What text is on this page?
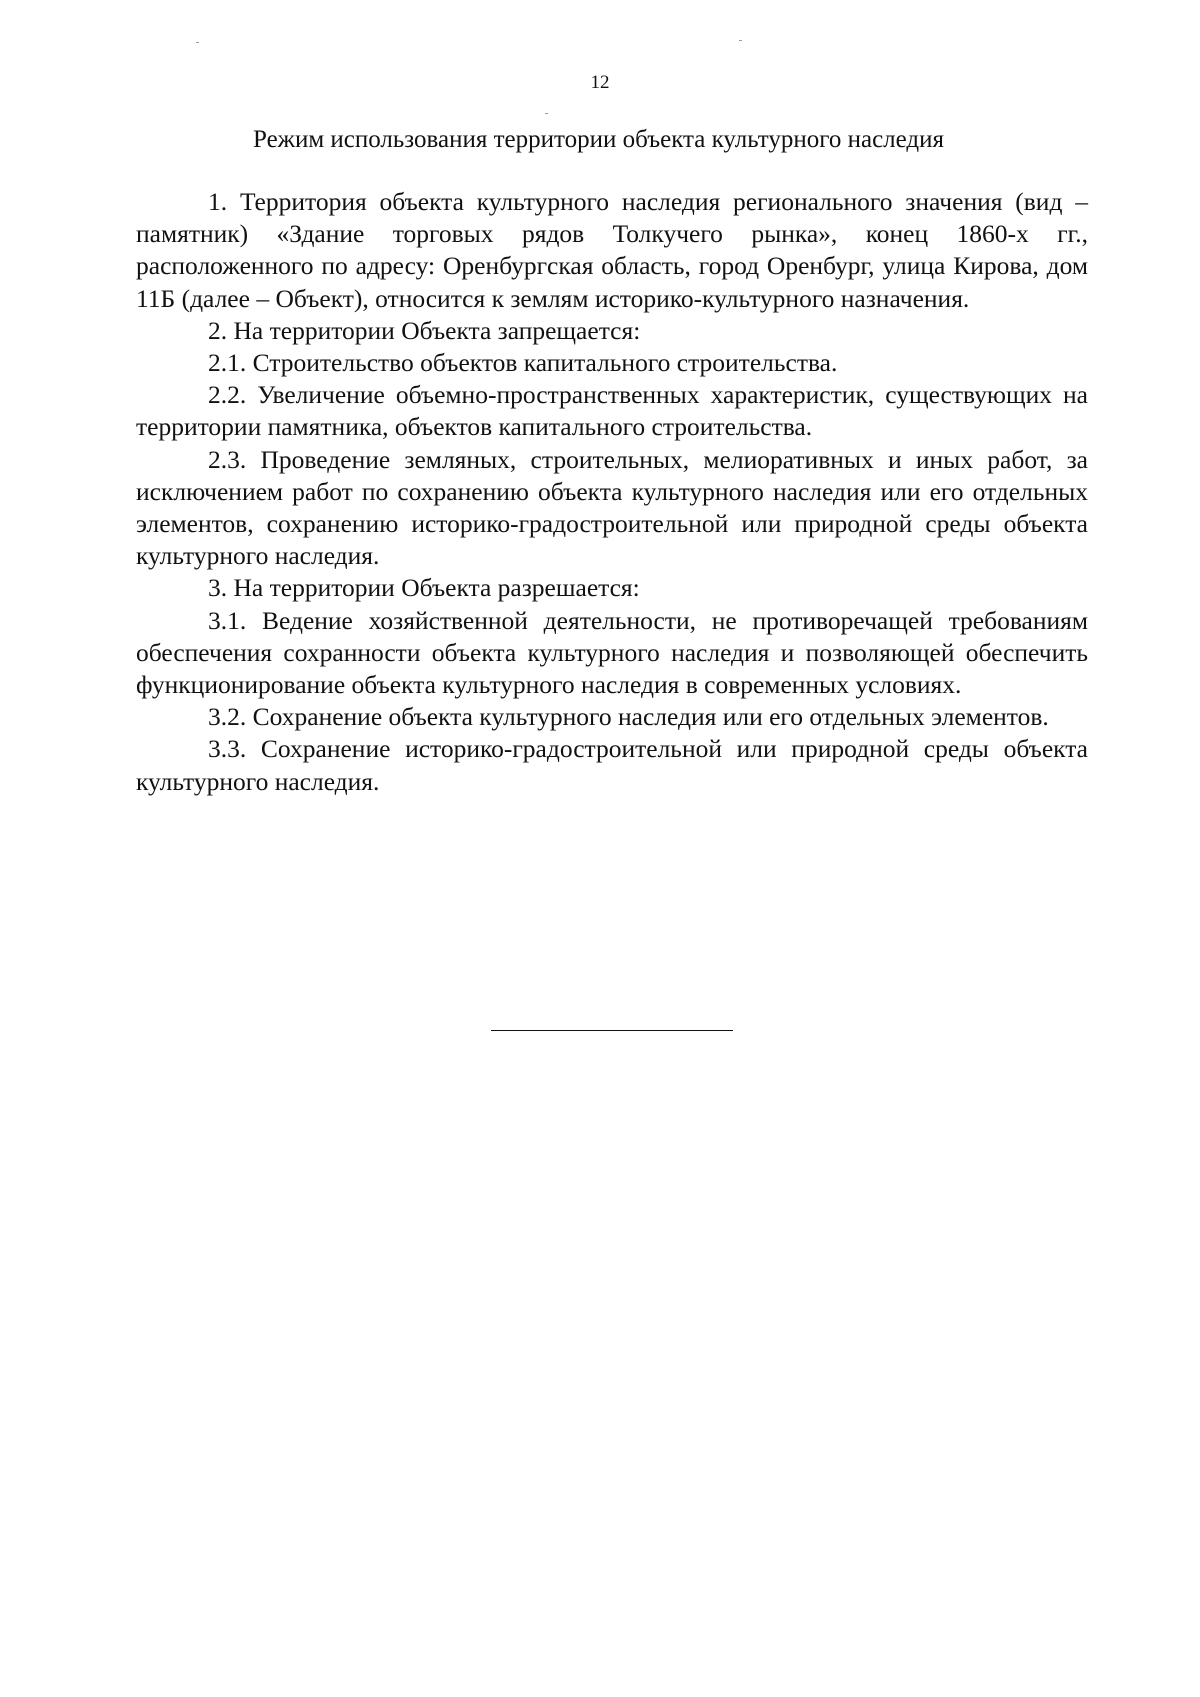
12
Режим использования территории объекта культурного наследия

1. Территория объекта культурного наследия регионального значения (вид – памятник) «Здание торговых рядов Толкучего рынка», конец 1860-х гг., расположенного по адресу: Оренбургская область, город Оренбург, улица Кирова, дом 11Б (далее – Объект), относится к землям историко-культурного назначения.

2. На территории Объекта запрещается:

2.1. Строительство объектов капитального строительства.

2.2. Увеличение объемно-пространственных характеристик, существующих на территории памятника, объектов капитального строительства.

2.3. Проведение земляных, строительных, мелиоративных и иных работ, за исключением работ по сохранению объекта культурного наследия или его отдельных элементов, сохранению историко-градостроительной или природной среды объекта культурного наследия.

3. На территории Объекта разрешается:

3.1. Ведение хозяйственной деятельности, не противоречащей требованиям обеспечения сохранности объекта культурного наследия и позволяющей обеспечить функционирование объекта культурного наследия в современных условиях.

3.2. Сохранение объекта культурного наследия или его отдельных элементов.

3.3. Сохранение историко-градостроительной или природной среды объекта культурного наследия.
